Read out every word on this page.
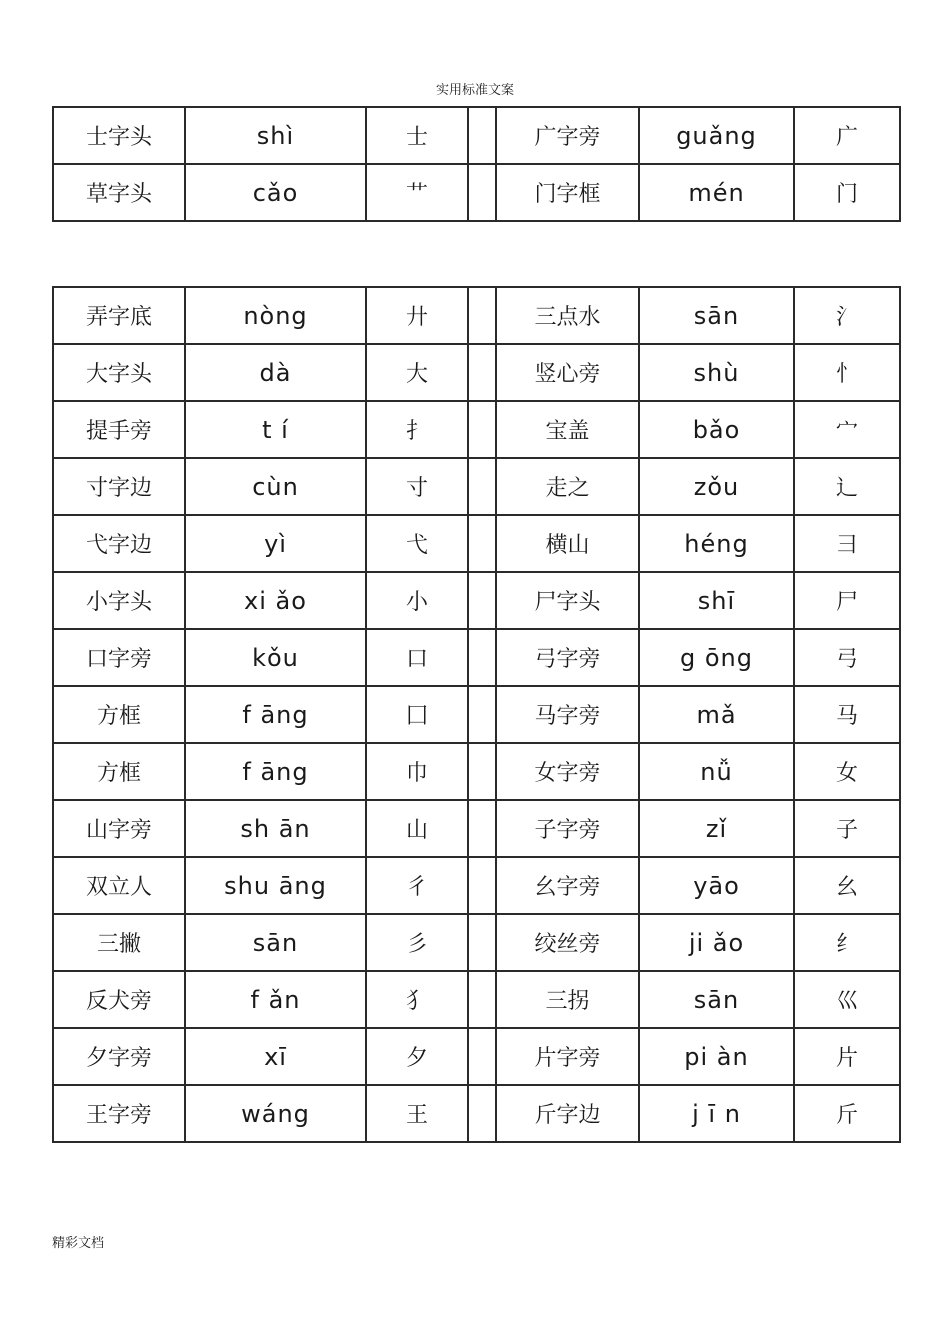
实用标准文案
士字头	shì	士		广字旁	guǎng	广
草字头	cǎo	艹		门字框	mén	门
弄字底	nòng	廾		三点水	sān	氵
大字头	dà	大		竖心旁	shù	忄
提手旁	t í	扌		宝盖	bǎo	宀
寸字边	cùn	寸		走之	zǒu	辶
弋字边	yì	弋		横山	héng	彐
小字头	xi ǎo	小		尸字头	shī	尸
口字旁	kǒu	口		弓字旁	g ōng	弓
方框	f āng	囗		马字旁	mǎ	马
方框	f āng	巾		女字旁	nǚ	女
山字旁	sh ān	山		子字旁	zǐ	子
双立人	shu āng	彳		幺字旁	yāo	幺
三撇	sān	彡		绞丝旁	ji ǎo	纟
反犬旁	f ǎn	犭		三拐	sān	巛
夕字旁	xī	夕		片字旁	pi àn	片
王字旁	wáng	王		斤字边	j ī n	斤
精彩文档
